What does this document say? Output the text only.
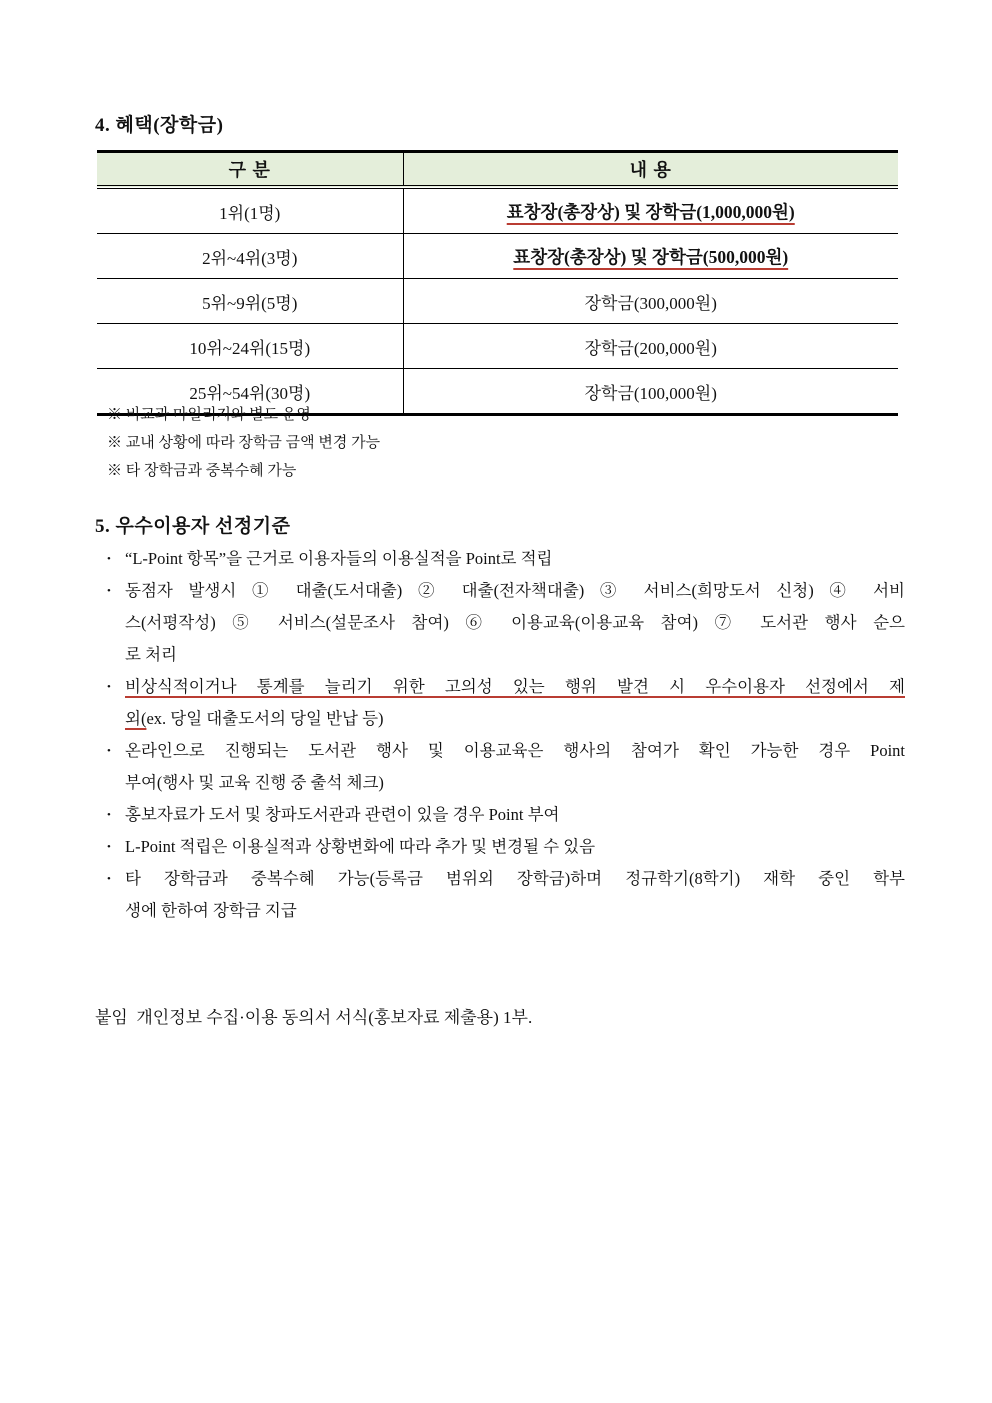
4. 혜택(장학금)
구 분	내 용
1위(1명)	표창장(총장상) 및 장학금(1,000,000원)
2위~4위(3명)	표창장(총장상) 및 장학금(500,000원)
5위~9위(5명)	장학금(300,000원)
10위~24위(15명)	장학금(200,000원)
25위~54위(30명)	장학금(100,000원)
※ 비교과 마일리지와 별도 운영
※ 교내 상황에 따라 장학금 금액 변경 가능
※ 타 장학금과 중복수혜 가능
5. 우수이용자 선정기준
• “L-Point 항목”을 근거로 이용자들의 이용실적을 Point로 적립
• 동점자 발생시 ① 대출(도서대출) ② 대출(전자책대출) ③ 서비스(희망도서 신청) ④ 서비
스(서평작성) ⑤ 서비스(설문조사 참여) ⑥ 이용교육(이용교육 참여) ⑦ 도서관 행사 순으
로 처리
• 비상식적이거나 통계를 늘리기 위한 고의성 있는 행위 발견 시 우수이용자 선정에서 제
외(ex. 당일 대출도서의 당일 반납 등)
• 온라인으로 진행되는 도서관 행사 및 이용교육은 행사의 참여가 확인 가능한 경우 Point
부여(행사 및 교육 진행 중 출석 체크)
• 홍보자료가 도서 및 창파도서관과 관련이 있을 경우 Point 부여
• L-Point 적립은 이용실적과 상황변화에 따라 추가 및 변경될 수 있음
• 타 장학금과 중복수혜 가능(등록금 범위외 장학금)하며 정규학기(8학기) 재학 중인 학부
생에 한하여 장학금 지급
붙임  개인정보 수집·이용 동의서 서식(홍보자료 제출용) 1부.
